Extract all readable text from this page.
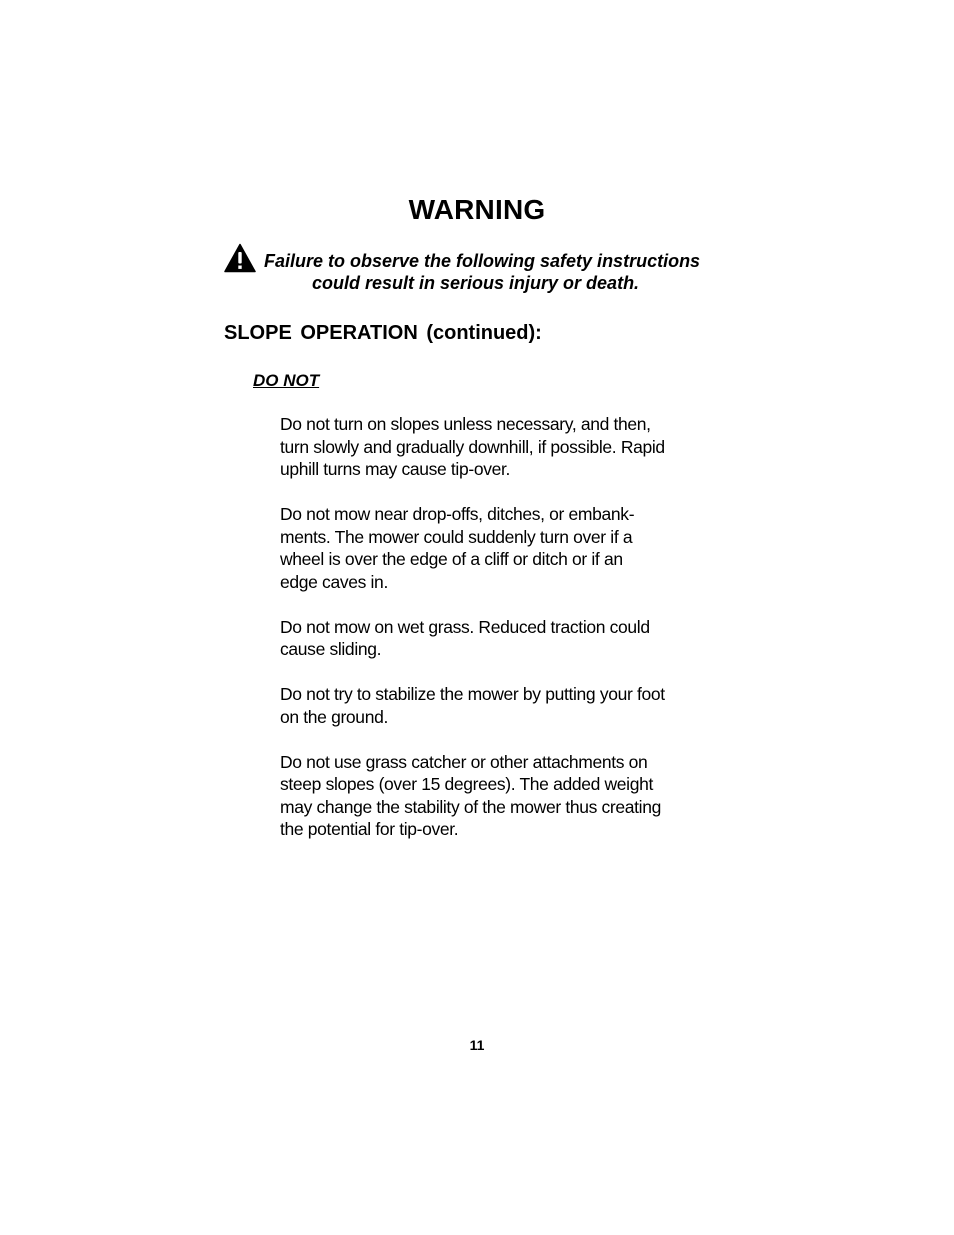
WARNING
Failure to observe the following safety instructions
could result in serious injury or death.
SLOPE OPERATION (continued):
DO NOT

Do not turn on slopes unless necessary, and then,
turn slowly and gradually downhill, if possible. Rapid
uphill turns may cause tip-over.

Do not mow near drop-offs, ditches, or embank-
ments. The mower could suddenly turn over if a
wheel is over the edge of a cliff or ditch or if an
edge caves in.

Do not mow on wet grass. Reduced traction could
cause sliding.

Do not try to stabilize the mower by putting your foot
on the ground.

Do not use grass catcher or other attachments on
steep slopes (over 15 degrees). The added weight
may change the stability of the mower thus creating
the potential for tip-over.

11
